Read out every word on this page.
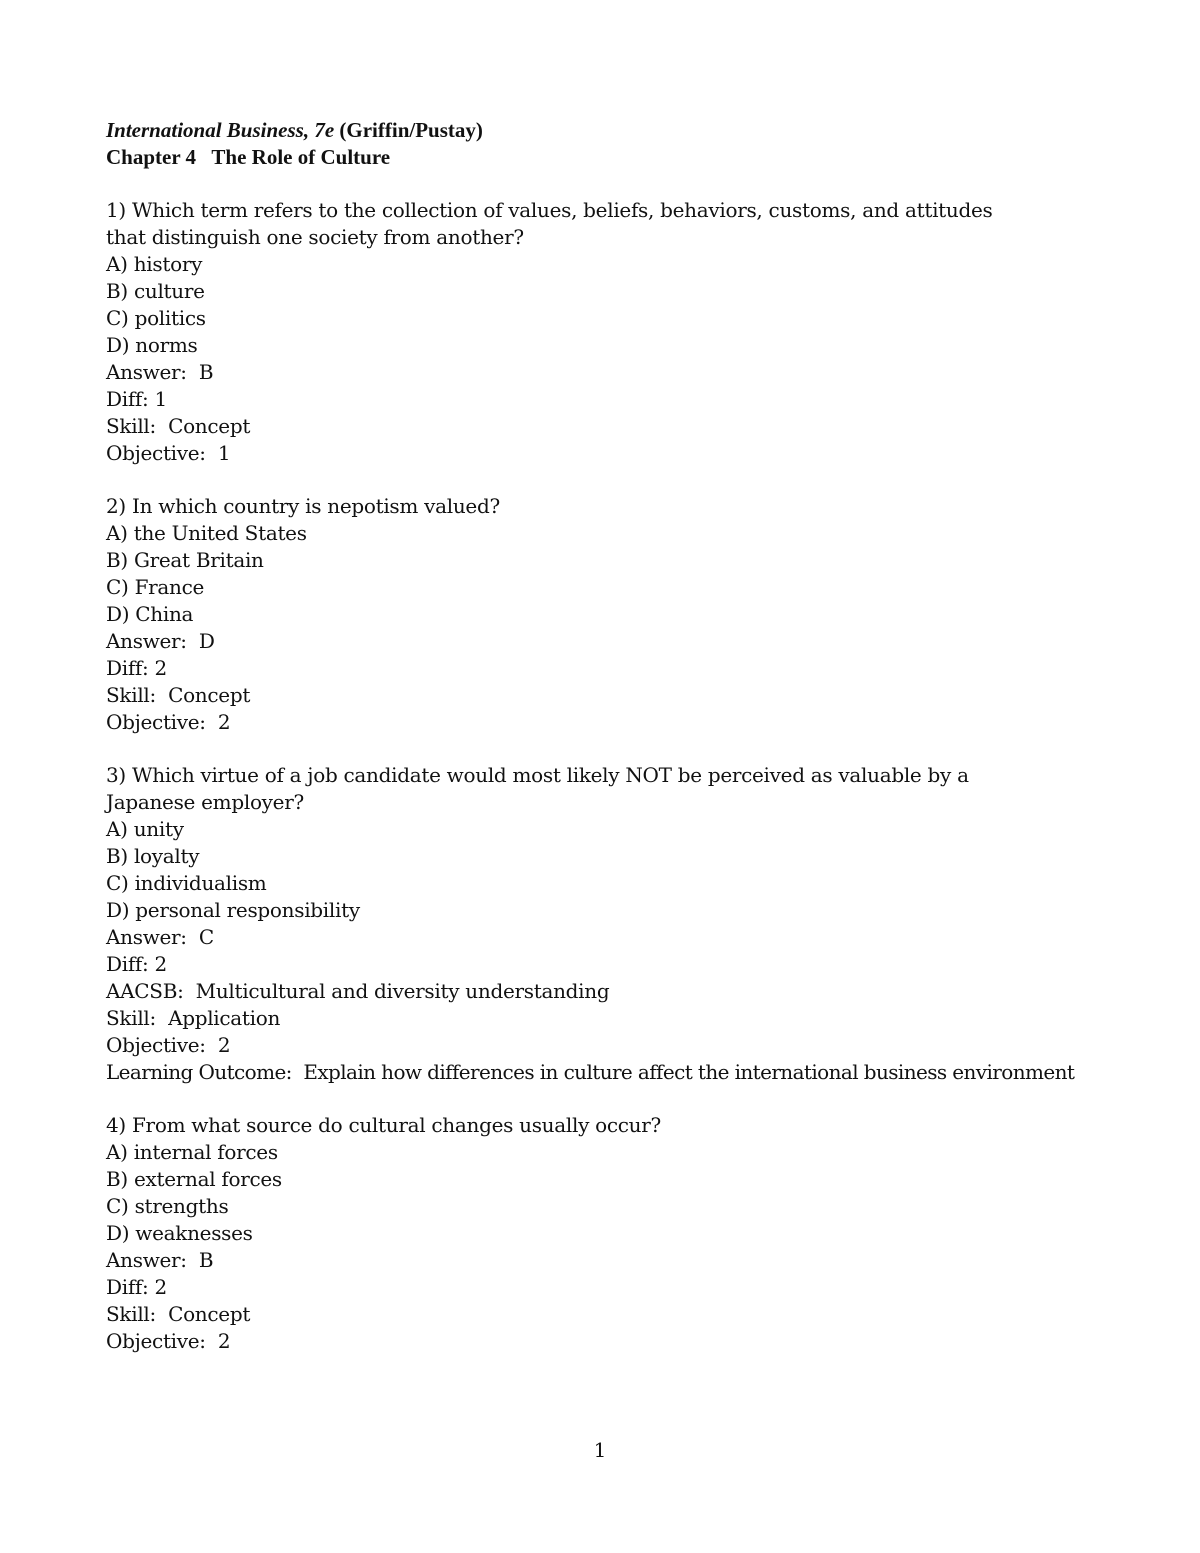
International Business, 7e (Griffin/Pustay)
Chapter 4   The Role of Culture
1) Which term refers to the collection of values, beliefs, behaviors, customs, and attitudes that distinguish one society from another?
A) history
B) culture
C) politics
D) norms
Answer:  B
Diff: 1
Skill:  Concept
Objective:  1
2) In which country is nepotism valued?
A) the United States
B) Great Britain
C) France
D) China
Answer:  D
Diff: 2
Skill:  Concept
Objective:  2
3) Which virtue of a job candidate would most likely NOT be perceived as valuable by a Japanese employer?
A) unity
B) loyalty
C) individualism
D) personal responsibility
Answer:  C
Diff: 2
AACSB:  Multicultural and diversity understanding
Skill:  Application
Objective:  2
Learning Outcome:  Explain how differences in culture affect the international business environment
4) From what source do cultural changes usually occur?
A) internal forces
B) external forces
C) strengths
D) weaknesses
Answer:  B
Diff: 2
Skill:  Concept
Objective:  2
1
